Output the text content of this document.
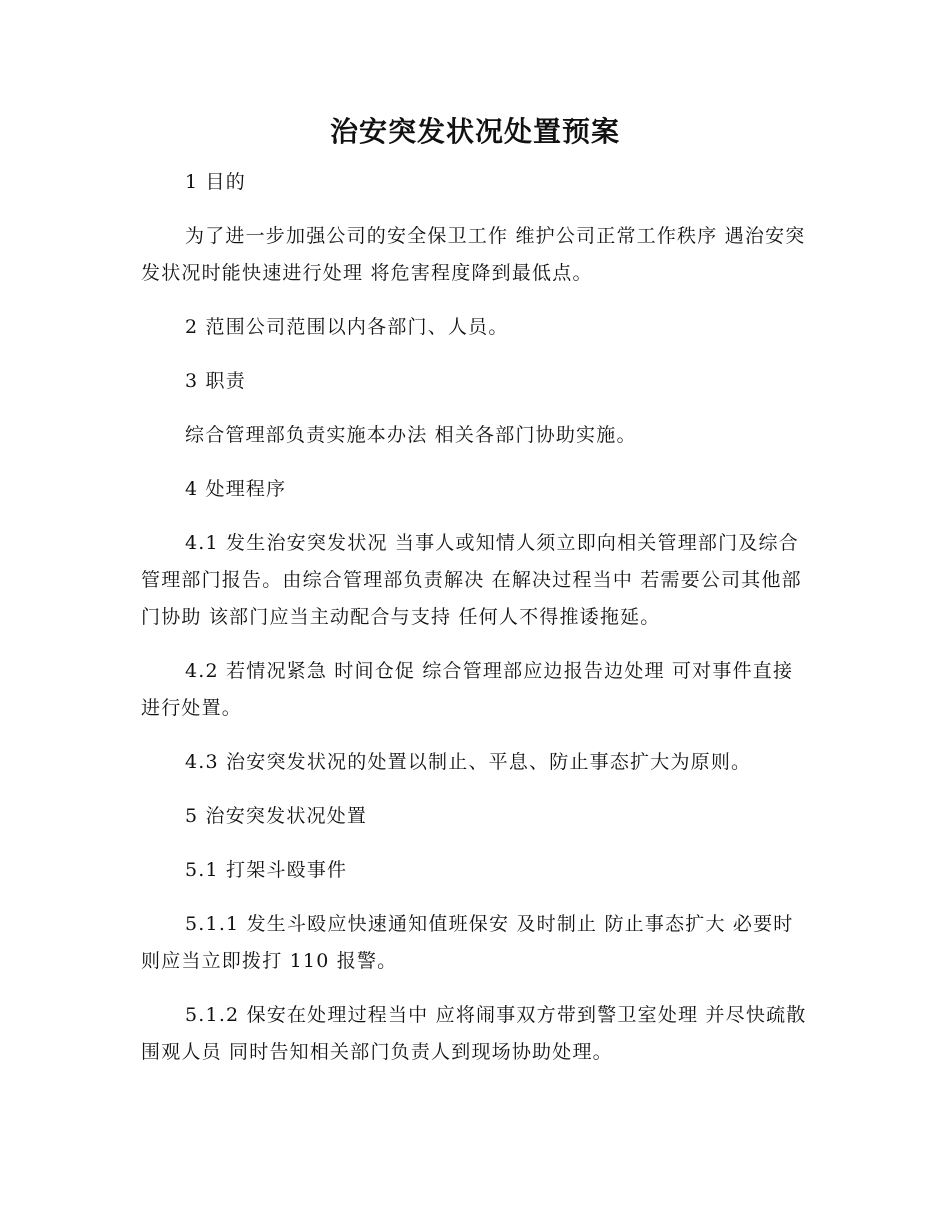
治安突发状况处置预案

1 目的

为了进一步加强公司的安全保卫工作 维护公司正常工作秩序 遇治安突发状况时能快速进行处理 将危害程度降到最低点。

2 范围公司范围以内各部门、人员。

3 职责

综合管理部负责实施本办法 相关各部门协助实施。

4 处理程序

4.1 发生治安突发状况 当事人或知情人须立即向相关管理部门及综合管理部门报告。由综合管理部负责解决 在解决过程当中 若需要公司其他部门协助 该部门应当主动配合与支持 任何人不得推诿拖延。

4.2 若情况紧急 时间仓促 综合管理部应边报告边处理 可对事件直接进行处置。

4.3 治安突发状况的处置以制止、平息、防止事态扩大为原则。

5 治安突发状况处置

5.1 打架斗殴事件

5.1.1 发生斗殴应快速通知值班保安 及时制止 防止事态扩大 必要时则应当立即拨打 110 报警。

5.1.2 保安在处理过程当中 应将闹事双方带到警卫室处理 并尽快疏散围观人员 同时告知相关部门负责人到现场协助处理。
